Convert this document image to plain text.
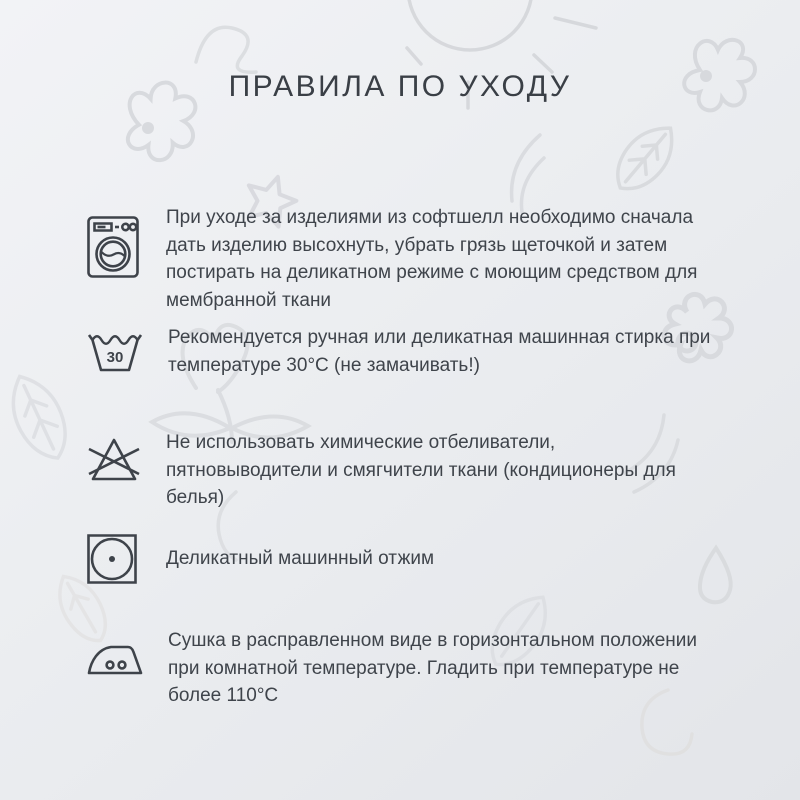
ПРАВИЛА ПО УХОДУ
При уходе за изделиями из софтшелл необходимо сначала дать изделию высохнуть, убрать грязь щеточкой и затем постирать на деликатном режиме с моющим средством для мембранной ткани
30
Рекомендуется ручная или деликатная машинная стирка при температуре 30°С (не замачивать!)
Не использовать химические отбеливатели, пятновыводители и смягчители ткани (кондиционеры для белья)
Деликатный машинный отжим
Сушка в расправленном виде в горизонтальном положении при комнатной температуре. Гладить при температуре не более 110°С
